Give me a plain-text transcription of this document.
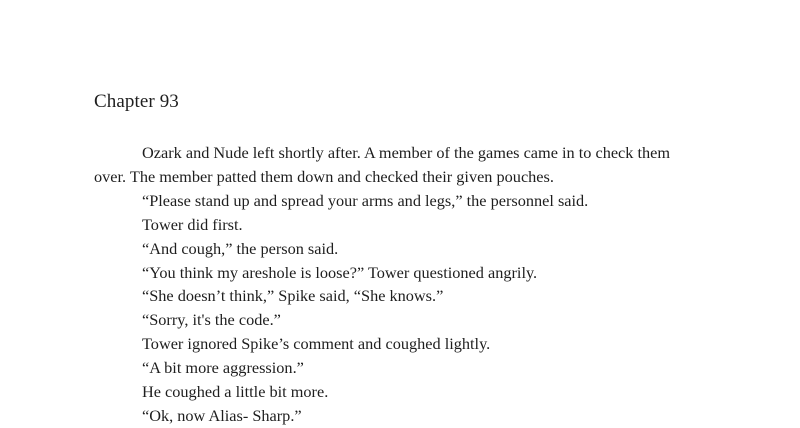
Chapter 93

Ozark and Nude left shortly after. A member of the games came in to check them

over. The member patted them down and checked their given pouches.

“Please stand up and spread your arms and legs,” the personnel said.

Tower did first.

“And cough,” the person said.

“You think my areshole is loose?” Tower questioned angrily.

“She doesn’t think,” Spike said, “She knows.”

“Sorry, it's the code.”

Tower ignored Spike’s comment and coughed lightly.

“A bit more aggression.”

He coughed a little bit more.

“Ok, now Alias- Sharp.”
